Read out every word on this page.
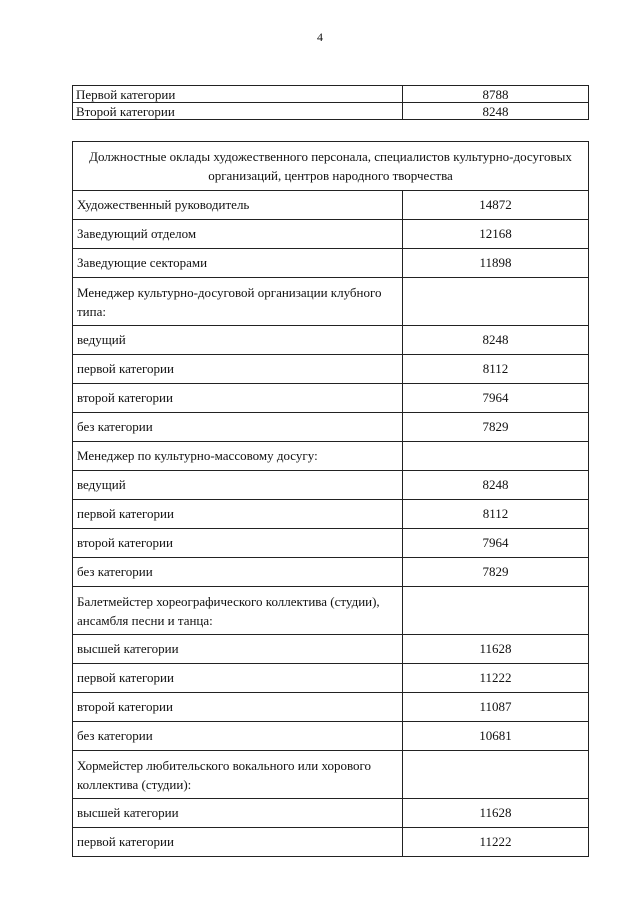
4
Первой категории	8788
Второй категории	8248
Должностные оклады художественного персонала, специалистов культурно-досуговых организаций, центров народного творчества	
Художественный руководитель	14872
Заведующий отделом	12168
Заведующие секторами	11898
Менеджер культурно-досуговой организации клубного типа:	
ведущий	8248
первой категории	8112
второй категории	7964
без категории	7829
Менеджер по культурно-массовому досугу:	
ведущий	8248
первой категории	8112
второй категории	7964
без категории	7829
Балетмейстер хореографического коллектива (студии), ансамбля песни и танца:	
высшей категории	11628
первой категории	11222
второй категории	11087
без категории	10681
Хормейстер любительского вокального или хорового коллектива (студии):	
высшей категории	11628
первой категории	11222
